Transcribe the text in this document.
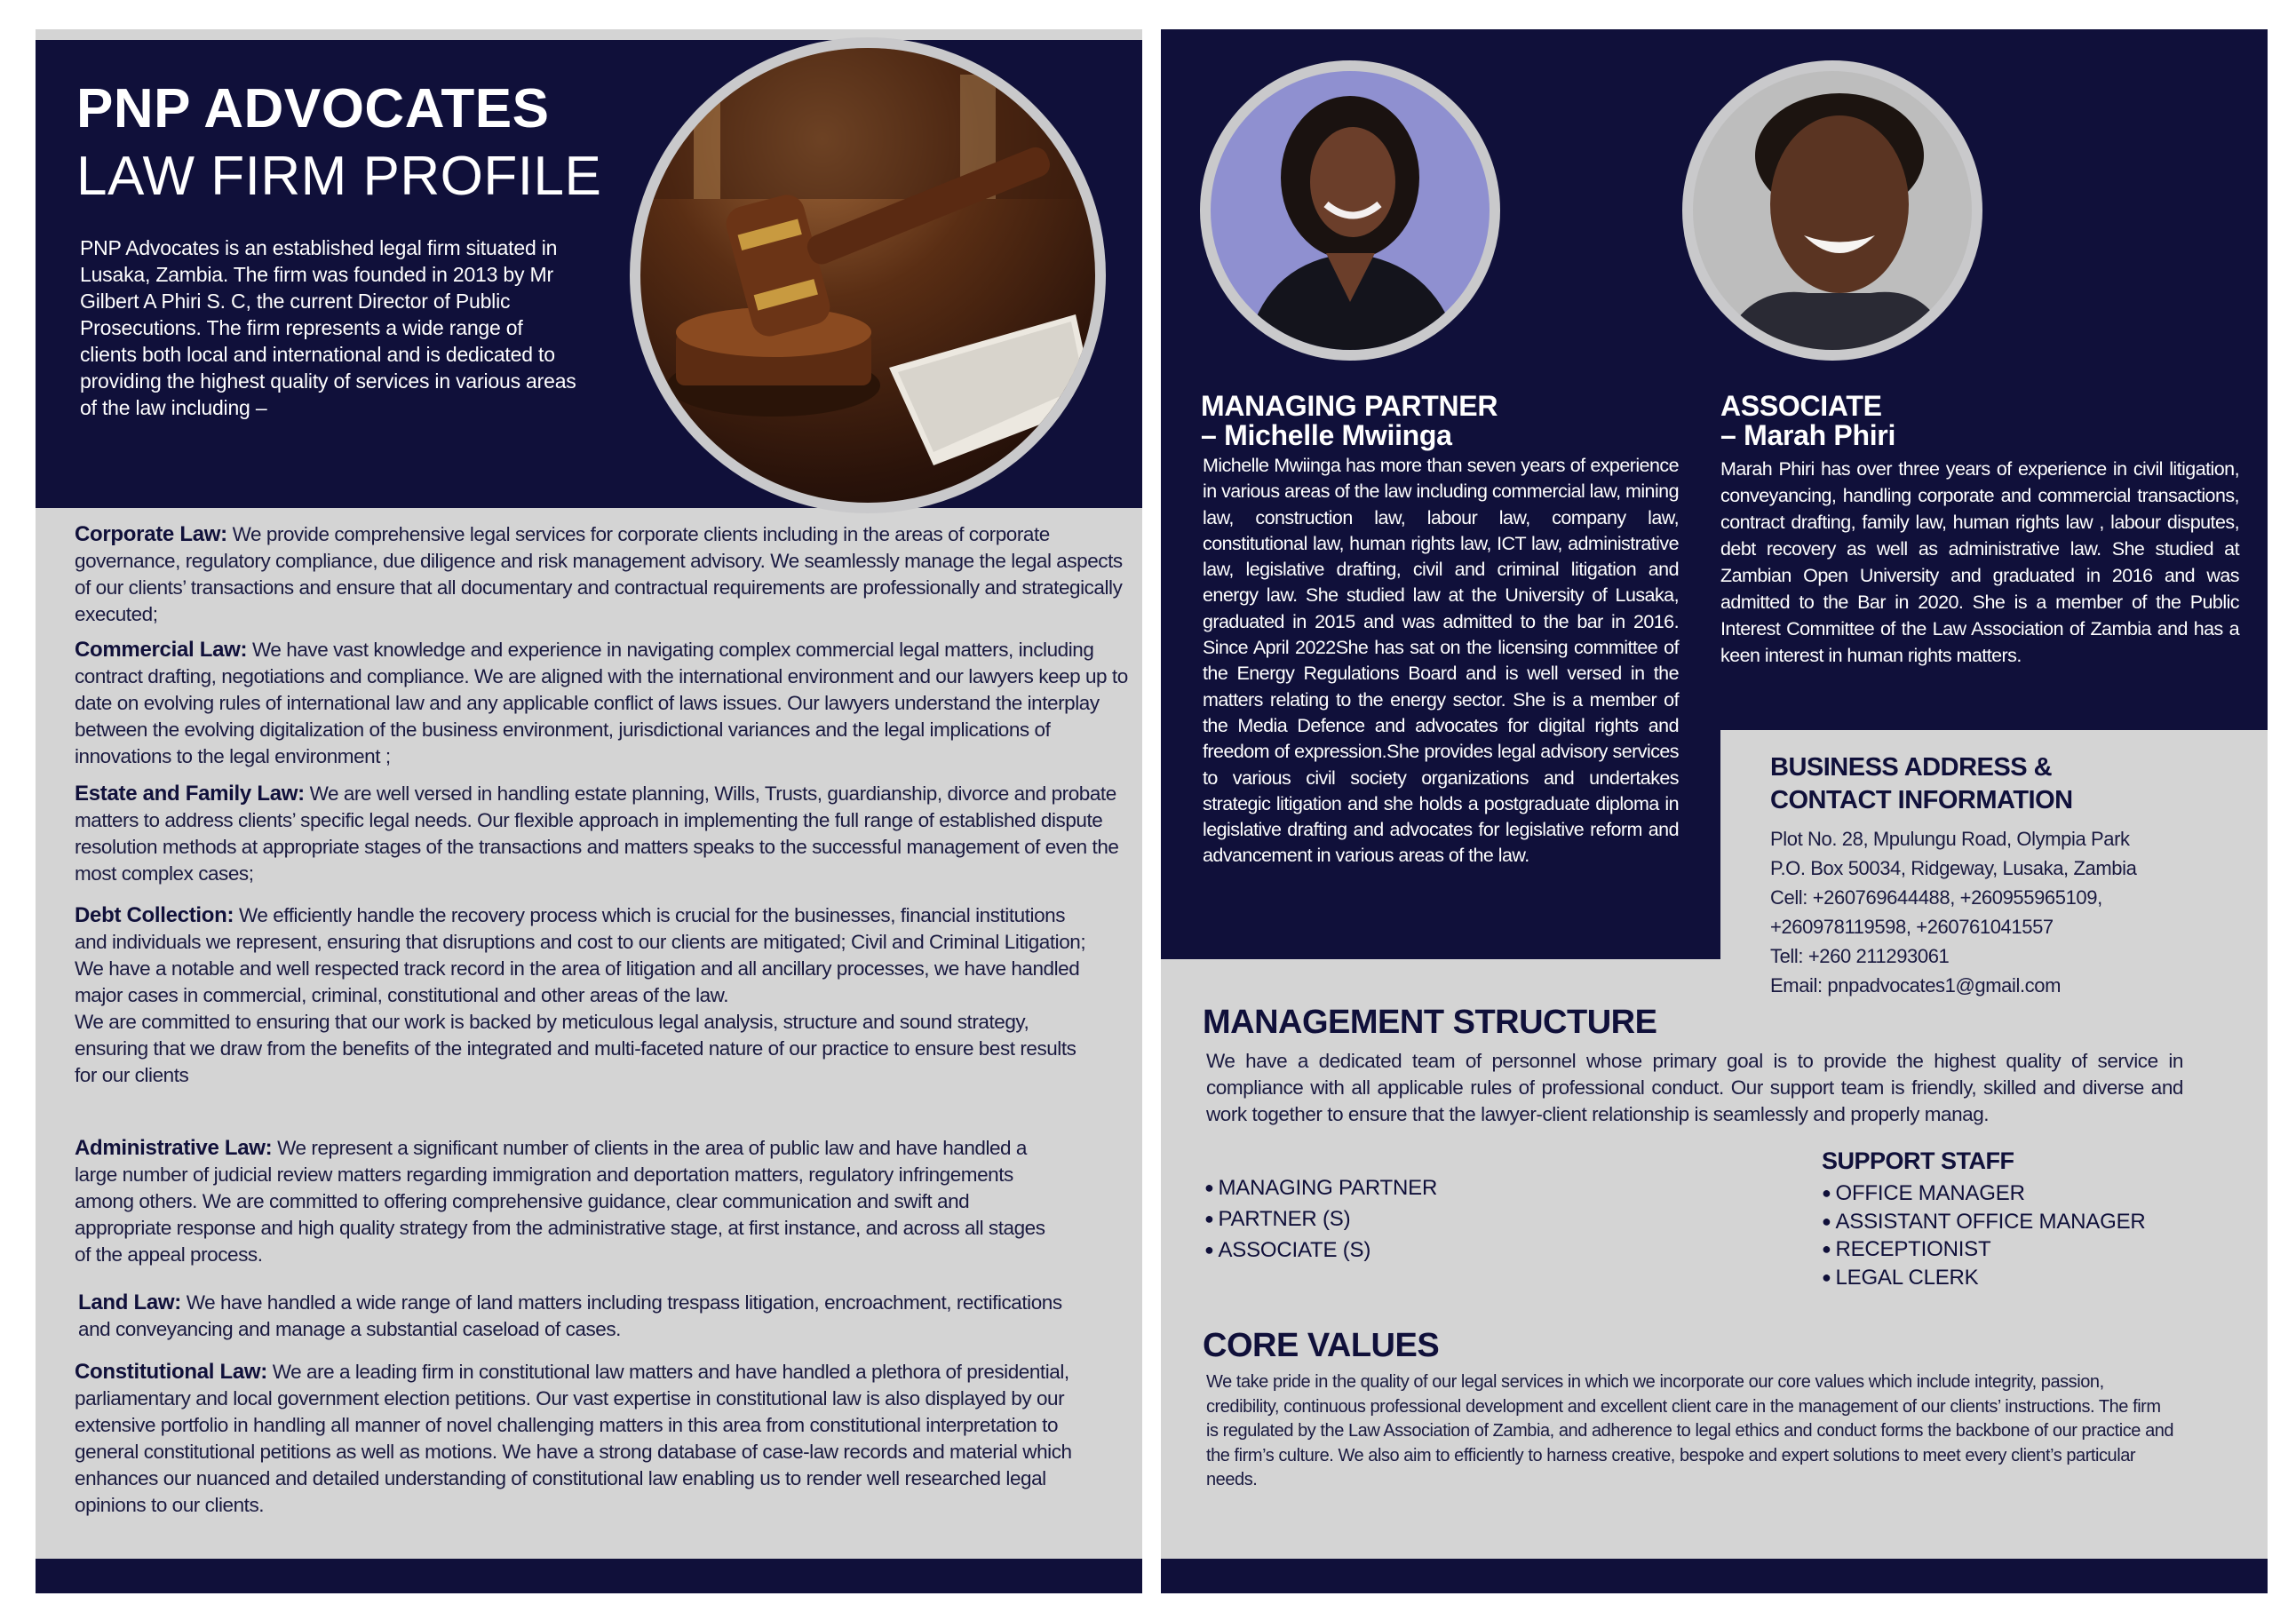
PNP ADVOCATES
LAW FIRM PROFILE
PNP Advocates is an established legal firm situated in Lusaka, Zambia. The firm was founded in 2013 by Mr Gilbert A Phiri S. C, the current Director of Public Prosecutions. The firm represents a wide range of clients both local and international and is dedicated to providing the highest quality of services in various areas of the law including –
Corporate Law: We provide comprehensive legal services for corporate clients including in the areas of corporate governance, regulatory compliance, due diligence and risk management advisory. We seamlessly manage the legal aspects of our clients’ transactions and ensure that all documentary and contractual requirements are professionally and strategically executed;
Commercial Law: We have vast knowledge and experience in navigating complex commercial legal matters, including contract drafting, negotiations and compliance. We are aligned with the international environment and our lawyers keep up to date on evolving rules of international law and any applicable conflict of laws issues. Our lawyers understand the interplay between the evolving digitalization of the business environment, jurisdictional variances and the legal implications of innovations to the legal environment ;
Estate and Family Law: We are well versed in handling estate planning, Wills, Trusts, guardianship, divorce and probate matters to address clients’ specific legal needs. Our flexible approach in implementing the full range of established dispute resolution methods at appropriate stages of the transactions and matters speaks to the successful management of even the most complex cases;
Debt Collection: We efficiently handle the recovery process which is crucial for the businesses, financial institutions and individuals we represent, ensuring that disruptions and cost to our clients are mitigated; Civil and Criminal Litigation; We have a notable and well respected track record in the area of litigation and all ancillary processes, we have handled major cases in commercial, criminal, constitutional and other areas of the law.
We are committed to ensuring that our work is backed by meticulous legal analysis, structure and sound strategy, ensuring that we draw from the benefits of the integrated and multi-faceted nature of our practice to ensure best results for our clients
Administrative Law: We represent a significant number of clients in the area of public law and have handled a large number of judicial review matters regarding immigration and deportation matters, regulatory infringements among others. We are committed to offering comprehensive guidance, clear communication and swift and appropriate response and high quality strategy from the administrative stage, at first instance, and across all stages of the appeal process.
Land Law: We have handled a wide range of land matters including trespass litigation, encroachment, rectifications and conveyancing and manage a substantial caseload of cases.
Constitutional Law: We are a leading firm in constitutional law matters and have handled a plethora of presidential, parliamentary and local government election petitions. Our vast expertise in constitutional law is also displayed by our extensive portfolio in handling all manner of novel challenging matters in this area from constitutional interpretation to general constitutional petitions as well as motions. We have a strong database of case-law records and material which enhances our nuanced and detailed understanding of constitutional law enabling us to render well researched legal opinions to our clients.
MANAGING PARTNER
– Michelle Mwiinga
Michelle Mwiinga has more than seven years of experience in various areas of the law including commercial law, mining law, construction law, labour law, company law, constitutional law, human rights law, ICT law, administrative law, legislative drafting, civil and criminal litigation and energy law. She studied law at the University of Lusaka, graduated in 2015 and was admitted to the bar in 2016. Since April 2022She has sat on the licensing committee of the Energy Regulations Board and is well versed in the matters relating to the energy sector. She is a member of the Media Defence and advocates for digital rights and freedom of expression.She provides legal advisory services to various civil society organizations and undertakes strategic litigation and she holds a postgraduate diploma in legislative drafting and advocates for legislative reform and advancement in various areas of the law.
ASSOCIATE
– Marah Phiri
Marah Phiri has over three years of experience in civil litigation, conveyancing, handling corporate and commercial transactions, contract drafting, family law, human rights law , labour disputes, debt recovery as well as administrative law. She studied at Zambian Open University and graduated in 2016 and was admitted to the Bar in 2020. She is a member of the Public Interest Committee of the Law Association of Zambia and has a keen interest in human rights matters.
BUSINESS ADDRESS &
CONTACT INFORMATION
Plot No. 28, Mpulungu Road, Olympia Park
P.O. Box 50034, Ridgeway, Lusaka, Zambia
Cell: +260769644488, +260955965109,
+260978119598, +260761041557
Tell: +260 211293061
Email: pnpadvocates1@gmail.com
MANAGEMENT STRUCTURE
We have a dedicated team of personnel whose primary goal is to provide the highest quality of service in compliance with all applicable rules of professional conduct. Our support team is friendly, skilled and diverse and work together to ensure that the lawyer-client relationship is seamlessly and properly manag.
● MANAGING PARTNER
● PARTNER (S)
● ASSOCIATE (S)
SUPPORT STAFF
● OFFICE MANAGER
● ASSISTANT OFFICE MANAGER
● RECEPTIONIST
● LEGAL CLERK
CORE VALUES
We take pride in the quality of our legal services in which we incorporate our core values which include integrity, passion, credibility, continuous professional development and excellent client care in the management of our clients’ instructions. The firm is regulated by the Law Association of Zambia, and adherence to legal ethics and conduct forms the backbone of our practice and the firm’s culture. We also aim to efficiently to harness creative, bespoke and expert solutions to meet every client’s particular needs.
